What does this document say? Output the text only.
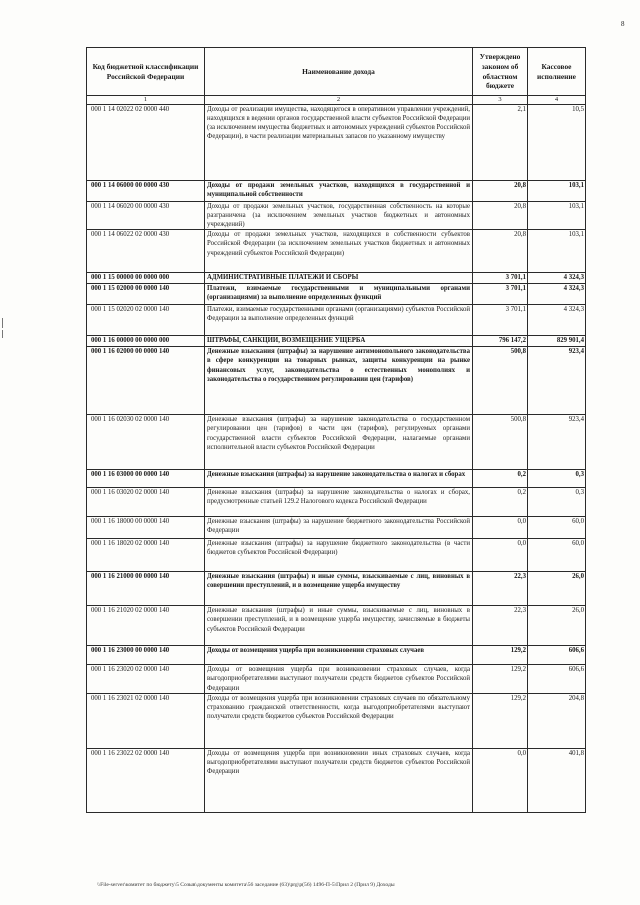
8
Код бюджетной классификации Российской Федерации	Наименование дохода	Утверждено законом об областном бюджете	Кассовое исполнение
1	2	3	4
000 1 14 02022 02 0000 440	Доходы от реализации имущества, находящегося в оперативном управлении учреждений, находящихся в ведении органов государственной власти субъектов Российской Федерации (за исключением имущества бюджетных и автономных учреждений субъектов Российской Федерации), в части реализации материальных запасов по указанному имуществу	2,1	10,5
000 1 14 06000 00 0000 430	Доходы от продажи земельных участков, находящихся в государственной и муниципальной собственности	20,8	103,1
000 1 14 06020 00 0000 430	Доходы от продажи земельных участков, государственная собственность на которые разграничена (за исключением земельных участков бюджетных и автономных учреждений)	20,8	103,1
000 1 14 06022 02 0000 430	Доходы от продажи земельных участков, находящихся в собственности субъектов Российской Федерации (за исключением земельных участков бюджетных и автономных учреждений субъектов Российской Федерации)	20,8	103,1
000 1 15 00000 00 0000 000	АДМИНИСТРАТИВНЫЕ ПЛАТЕЖИ И СБОРЫ	3 701,1	4 324,3
000 1 15 02000 00 0000 140	Платежи, взимаемые государственными и муниципальными органами (организациями) за выполнение определенных функций	3 701,1	4 324,3
000 1 15 02020 02 0000 140	Платежи, взимаемые государственными органами (организациями) субъектов Российской Федерации за выполнение определенных функций	3 701,1	4 324,3
000 1 16 00000 00 0000 000	ШТРАФЫ, САНКЦИИ, ВОЗМЕЩЕНИЕ УЩЕРБА	796 147,2	829 901,4
000 1 16 02000 00 0000 140	Денежные взыскания (штрафы) за нарушение антимонопольного законодательства в сфере конкуренции на товарных рынках, защиты конкуренции на рынке финансовых услуг, законодательства о естественных монополиях и законодательства о государственном регулировании цен (тарифов)	500,8	923,4
000 1 16 02030 02 0000 140	Денежные взыскания (штрафы) за нарушение законодательства о государственном регулировании цен (тарифов) в части цен (тарифов), регулируемых органами государственной власти субъектов Российской Федерации, налагаемые органами исполнительной власти субъектов Российской Федерации	500,8	923,4
000 1 16 03000 00 0000 140	Денежные взыскания (штрафы) за нарушение законодательства о налогах и сборах	0,2	0,3
000 1 16 03020 02 0000 140	Денежные взыскания (штрафы) за нарушение законодательства о налогах и сборах, предусмотренные статьей 129.2 Налогового кодекса Российской Федерации	0,2	0,3
000 1 16 18000 00 0000 140	Денежные взыскания (штрафы) за нарушение бюджетного законодательства Российской Федерации	0,0	60,0
000 1 16 18020 02 0000 140	Денежные взыскания (штрафы) за нарушение бюджетного законодательства (в части бюджетов субъектов Российской Федерации)	0,0	60,0
000 1 16 21000 00 0000 140	Денежные взыскания (штрафы) и иные суммы, взыскиваемые с лиц, виновных в совершении преступлений, и в возмещение ущерба имуществу	22,3	26,0
000 1 16 21020 02 0000 140	Денежные взыскания (штрафы) и иные суммы, взыскиваемые с лиц, виновных в совершении преступлений, и в возмещение ущерба имуществу, зачисляемые в бюджеты субъектов Российской Федерации	22,3	26,0
000 1 16 23000 00 0000 140	Доходы от возмещения ущерба при возникновении страховых случаев	129,2	606,6
000 1 16 23020 02 0000 140	Доходы от возмещения ущерба при возникновении страховых случаев, когда выгодоприобретателями выступают получатели средств бюджетов субъектов Российской Федерации	129,2	606,6
000 1 16 23021 02 0000 140	Доходы от возмещения ущерба при возникновении страховых случаев по обязательному страхованию гражданской ответственности, когда выгодоприобретателями выступают получатели средств бюджетов субъектов Российской Федерации	129,2	204,8
000 1 16 23022 02 0000 140	Доходы от возмещения ущерба при возникновении иных страховых случаев, когда выгодоприобретателями выступают получатели средств бюджетов субъектов Российской Федерации	0,0	401,8
\\File-server\комитет по бюджету\5 Созыв\документы комитета\56 заседание (63)\prg\р(56) 1496-П-5\Прил 2 (Прил 9) Доходы
